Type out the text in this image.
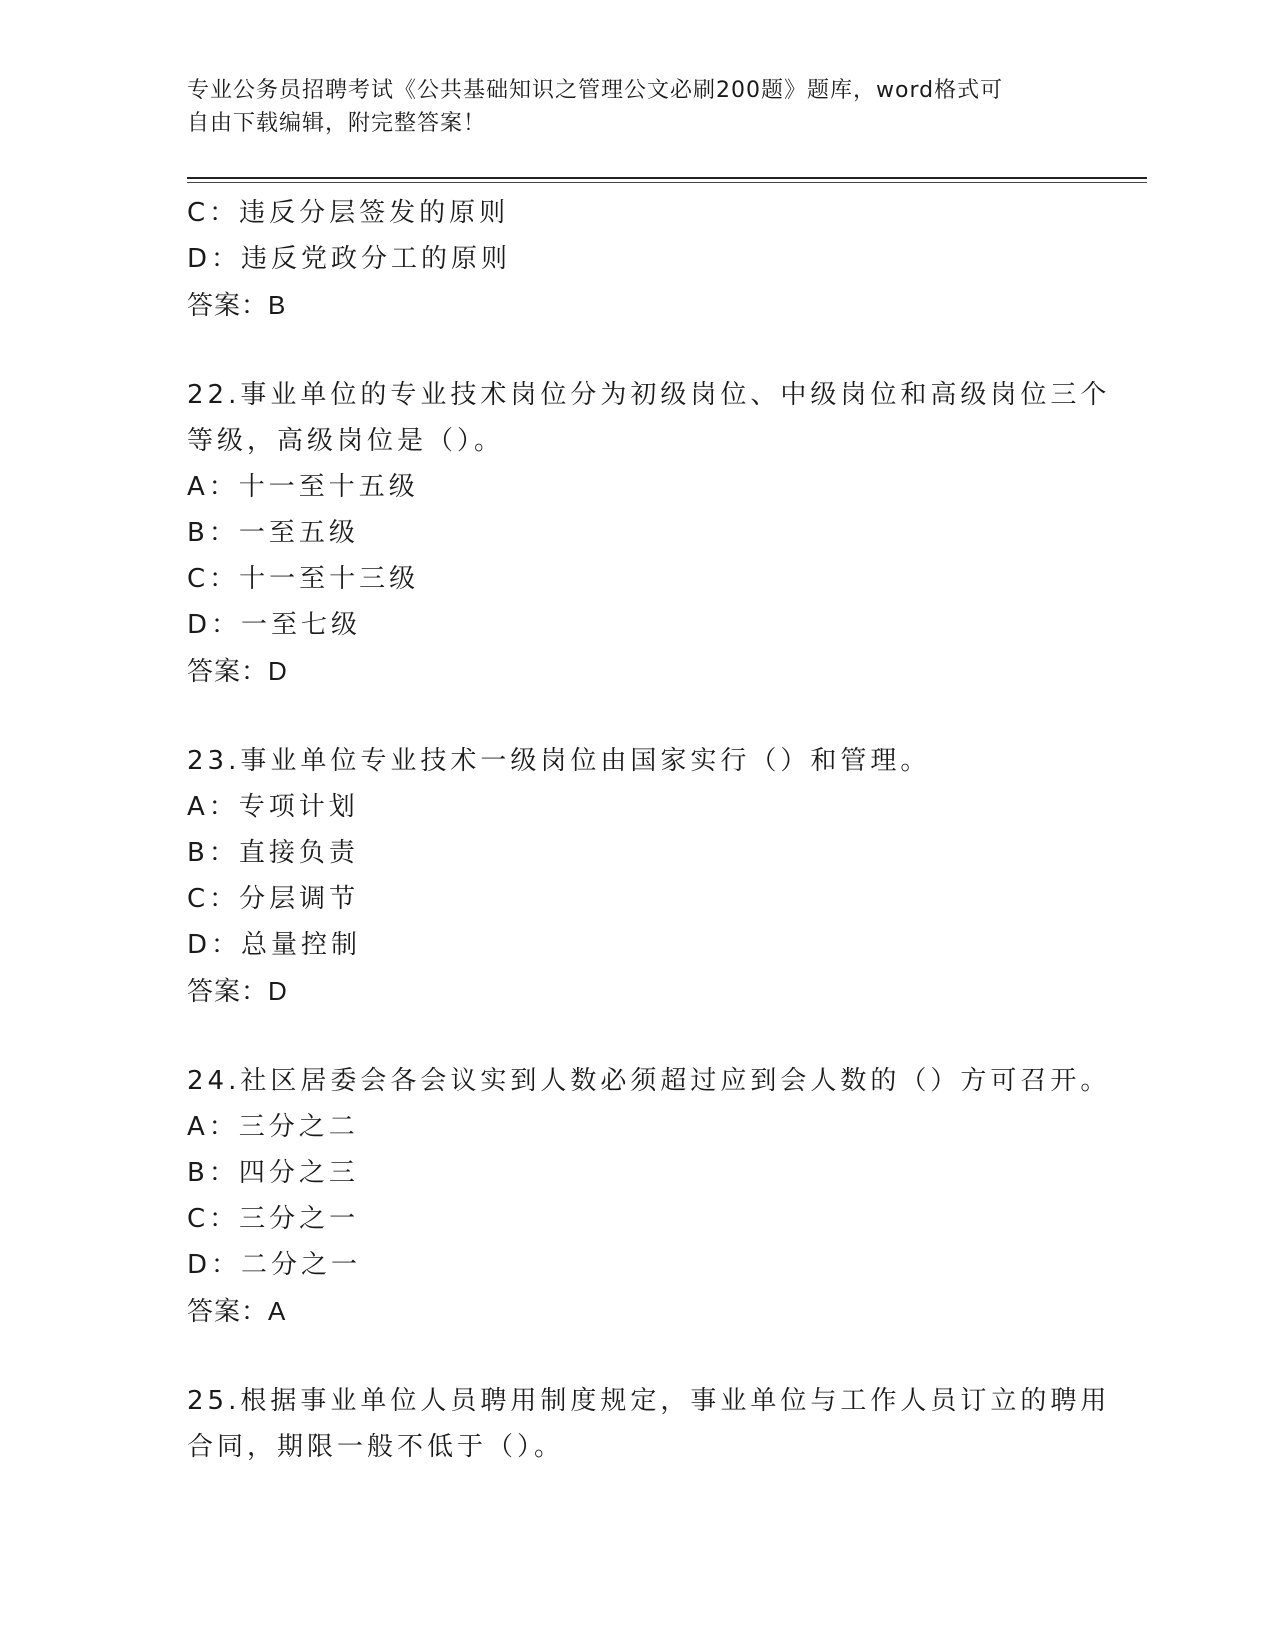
专业公务员招聘考试《公共基础知识之管理公文必刷200题》题库，word格式可
自由下载编辑，附完整答案！
C：违反分层签发的原则
D：违反党政分工的原则
答案：B
22.事业单位的专业技术岗位分为初级岗位、中级岗位和高级岗位三个
等级，高级岗位是（）。
A：十一至十五级
B：一至五级
C：十一至十三级
D：一至七级
答案：D
23.事业单位专业技术一级岗位由国家实行（）和管理。
A：专项计划
B：直接负责
C：分层调节
D：总量控制
答案：D
24.社区居委会各会议实到人数必须超过应到会人数的（）方可召开。
A：三分之二
B：四分之三
C：三分之一
D：二分之一
答案：A
25.根据事业单位人员聘用制度规定，事业单位与工作人员订立的聘用
合同，期限一般不低于（）。
